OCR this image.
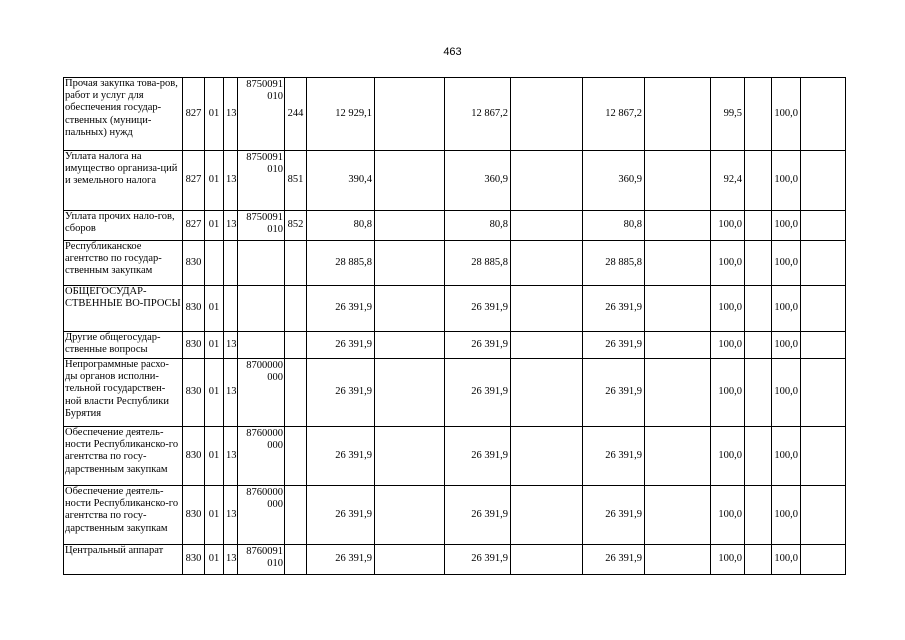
463
Прочая закупка това-ров, работ и услуг для обеспечения государ-ственных (муници-пальных) нужд	827	01	13	8750091
010	244	12 929,1		12 867,2		12 867,2		99,5		100,0	
Уплата налога на имущество организа-ций и земельного налога	827	01	13	8750091
010	851	390,4		360,9		360,9		92,4		100,0	
Уплата прочих нало-гов, сборов	827	01	13	8750091
010	852	80,8		80,8		80,8		100,0		100,0	
Республиканское агентство по государ-ственным закупкам	830					28 885,8		28 885,8		28 885,8		100,0		100,0	
ОБЩЕГОСУДАР-СТВЕННЫЕ ВО-ПРОСЫ	830	01				26 391,9		26 391,9		26 391,9		100,0		100,0	
Другие общегосудар-ственные вопросы	830	01	13			26 391,9		26 391,9		26 391,9		100,0		100,0	
Непрограммные расхо-ды органов исполни-тельной государствен-ной власти Республики Бурятия	830	01	13	8700000
000		26 391,9		26 391,9		26 391,9		100,0		100,0	
Обеспечение деятель-ности Республиканско-го агентства по госу-дарственным закупкам	830	01	13	8760000
000		26 391,9		26 391,9		26 391,9		100,0		100,0	
Обеспечение деятель-ности Республиканско-го агентства по госу-дарственным закупкам	830	01	13	8760000
000		26 391,9		26 391,9		26 391,9		100,0		100,0	
Центральный аппарат	830	01	13	8760091
010		26 391,9		26 391,9		26 391,9		100,0		100,0	
